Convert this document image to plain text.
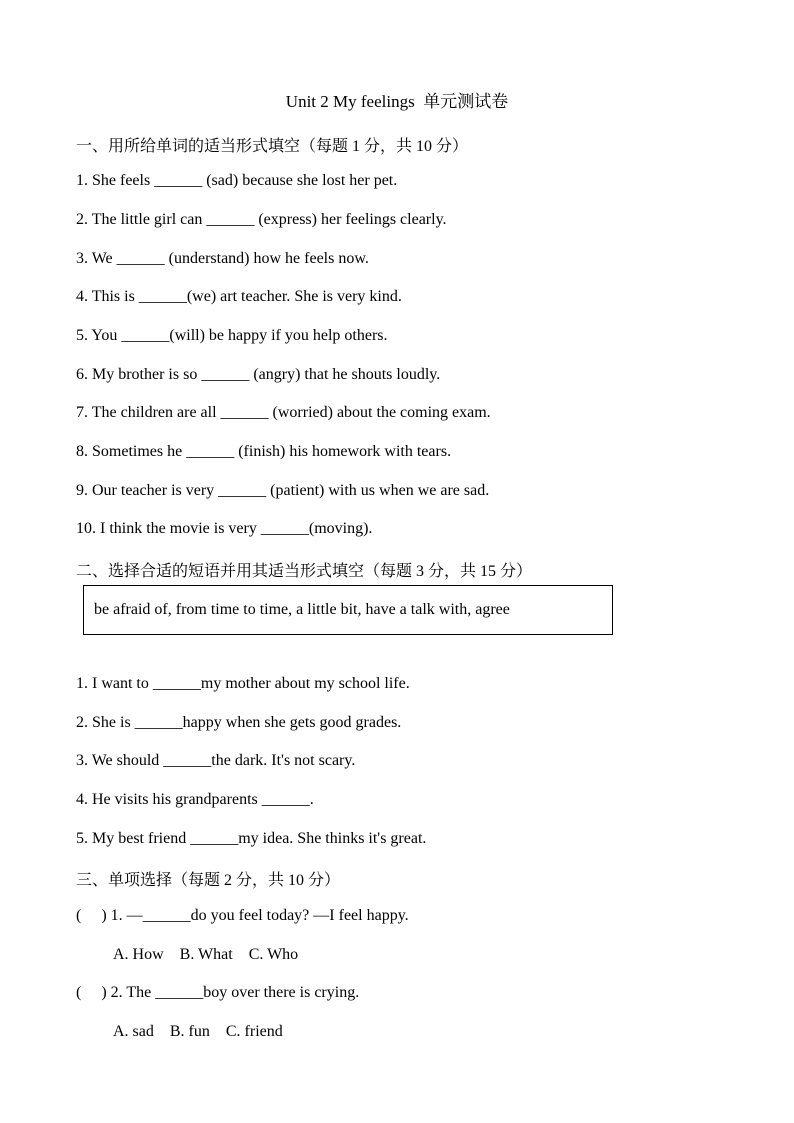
Unit 2 My feelings  单元测试卷
一、用所给单词的适当形式填空（每题 1 分，共 10 分）
1. She feels ______ (sad) because she lost her pet.
2. The little girl can ______ (express) her feelings clearly.
3. We ______ (understand) how he feels now.
4. This is ______(we) art teacher. She is very kind.
5. You ______(will) be happy if you help others.
6. My brother is so ______ (angry) that he shouts loudly.
7. The children are all ______ (worried) about the coming exam.
8. Sometimes he ______ (finish) his homework with tears.
9. Our teacher is very ______ (patient) with us when we are sad.
10. I think the movie is very ______(moving).
二、选择合适的短语并用其适当形式填空（每题 3 分，共 15 分）
be afraid of, from time to time, a little bit, have a talk with, agree
1. I want to ______my mother about my school life.
2. She is ______happy when she gets good grades.
3. We should ______the dark. It's not scary.
4. He visits his grandparents ______.
5. My best friend ______my idea. She thinks it's great.
三、单项选择（每题 2 分，共 10 分）
(     ) 1. —______do you feel today? —I feel happy.
A. How    B. What    C. Who
(     ) 2. The ______boy over there is crying.
A. sad    B. fun    C. friend
